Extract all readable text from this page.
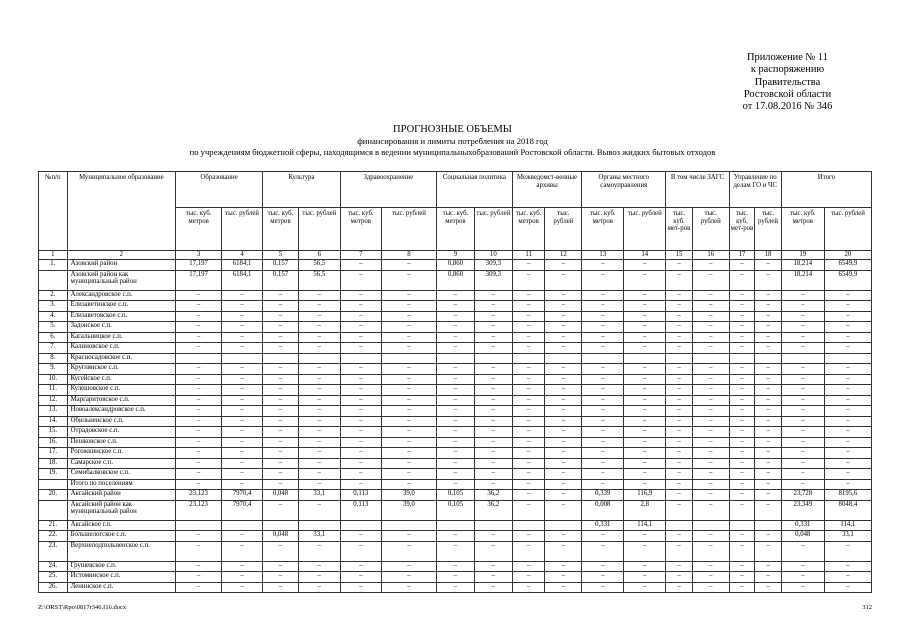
Приложение № 11
к распоряжению
Правительства
Ростовской области
от 17.08.2016 № 346
ПРОГНОЗНЫЕ ОБЪЕМЫ
финансирования и лимиты потребления на 2018 год
по учреждениям бюджетной сферы, находящимся в ведении муниципальныхобразований Ростовской области. Вывоз жидких бытовых отходов
№п/п	Муниципальное образование	Образование		Культура		Здравоохранение		Социальная политика		Межведомст-венные архивы		Органы местного самоуправления		В том числе ЗАГС		Управление по делам ГО и ЧС		Итого	
		тыс. куб. метров	тыс. рублей	тыс. куб. метров	тыс. рублей	тыс. куб. метров	тыс. рублей	тыс. куб. метров	тыс. рублей	тыс. куб. метров	тыс. рублей	тыс. куб. метров	тыс. рублей	тыс. куб. мет-ров	тыс. рублей	тыс. куб. мет-ров	тыс. рублей	тыс. куб. метров	тыс. рублей
1	2	3	4	5	6	7	8	9	10	11	12	13	14	15	16	17	18	19	20
1.	Азовский район	17,197	6184,1	0,157	56,5	–	–	0,860	309,3	–	–	–	–	–	–	–	–	18,214	6549,9
	Азовский район как муниципальный район	17,197	6184,1	0,157	56,5	–	–	0,860	309,3	–	–	–	–	–	–	–	–	18,214	6549,9
2.	Александровское с.п.	–	–	–	–	–	–	–	–	–	–	–	–	–	–	–	–	–	–
3.	Елизаветинское с.п.	–	–	–	–	–	–	–	–	–	–	–	–	–	–	–	–	–	–
4.	Елизаветовское с.п.	–	–	–	–	–	–	–	–	–	–	–	–	–	–	–	–	–	–
5.	Задонское с.п.	–	–	–	–	–	–	–	–	–	–	–	–	–	–	–	–	–	–
6.	Кагальницкое с.п.	–	–	–	–	–	–	–	–	–	–	–	–	–	–	–	–	–	–
7.	Калиновское с.п.	–	–	–	–	–	–	–	–	–	–	–	–	–	–	–	–	–	–
8.	Красносадовское с.п.																		
9.	Круглянское с.п.	–	–	–	–	–	–	–	–	–	–	–	–	–	–	–	–	–	–
10.	Кугейское с.п.	–	–	–	–	–	–	–	–	–	–	–	–	–	–	–	–	–	–
11.	Кулешовское с.п.	–	–	–	–	–	–	–	–	–	–	–	–	–	–	–	–	–	–
12.	Маргаритовское с.п.	–	–	–	–	–	–	–	–	–	–	–	–	–	–	–	–	–	–
13.	Новоалександровское с.п.	–	–	–	–	–	–	–	–	–	–	–	–	–	–	–	–	–	–
14.	Обильненское с.п.	–	–	–	–	–	–	–	–	–	–	–	–	–	–	–	–	–	–
15.	Отрадовское с.п.	–	–	–	–	–	–	–	–	–	–	–	–	–	–	–	–	–	–
16.	Пешковское с.п.	–	–	–	–	–	–	–	–	–	–	–	–	–	–	–	–	–	–
17.	Рогожкинское с.п.	–	–	–	–	–	–	–	–	–	–	–	–	–	–	–	–	–	–
18.	Самарское с.п.	–	–	–	–	–	–	–	–	–	–	–	–	–	–	–	–	–	–
19.	Семибалковское с.п.	–	–	–	–	–	–	–	–	–	–	–	–	–	–	–	–	–	–
	Итого по поселениям	–	–	–	–	–	–	–	–	–	–	–	–	–	–	–	–	–	–
20.	Аксайский район	23,123	7970,4	0,048	33,1	0,113	39,0	0,105	36,2	–	–	0,339	116,9	–	–	–	–	23,728	8195,6
	Аксайский район как муниципальный район	23,123	7970,4	–	–	0,113	39,0	0,105	36,2	–	–	0,008	2,8	–	–	–	–	23,349	8048,4
21.	Аксайское г.п.											0,331	114,1					0,331	114,1
22.	Большелогское с.п.	–	–	0,048	33,1	–	–	–	–	–	–	–	–	–	–	–	–	0,048	33,1
23.	Верхнеподпольненское с.п.	–	–	–	–	–	–	–	–	–	–	–	–	–	–	–	–	–	–
24.	Грушевское с.п.	–	–	–	–	–	–	–	–	–	–	–	–	–	–	–	–	–	–
25.	Истоминское с.п.	–	–	–	–	–	–	–	–	–	–	–	–	–	–	–	–	–	–
26.	Ленинское с.п.	–	–	–	–	–	–	–	–	–	–	–	–	–	–	–	–	–	–
Z:\ORST\Rpo\0817r346.f16.docx	312
